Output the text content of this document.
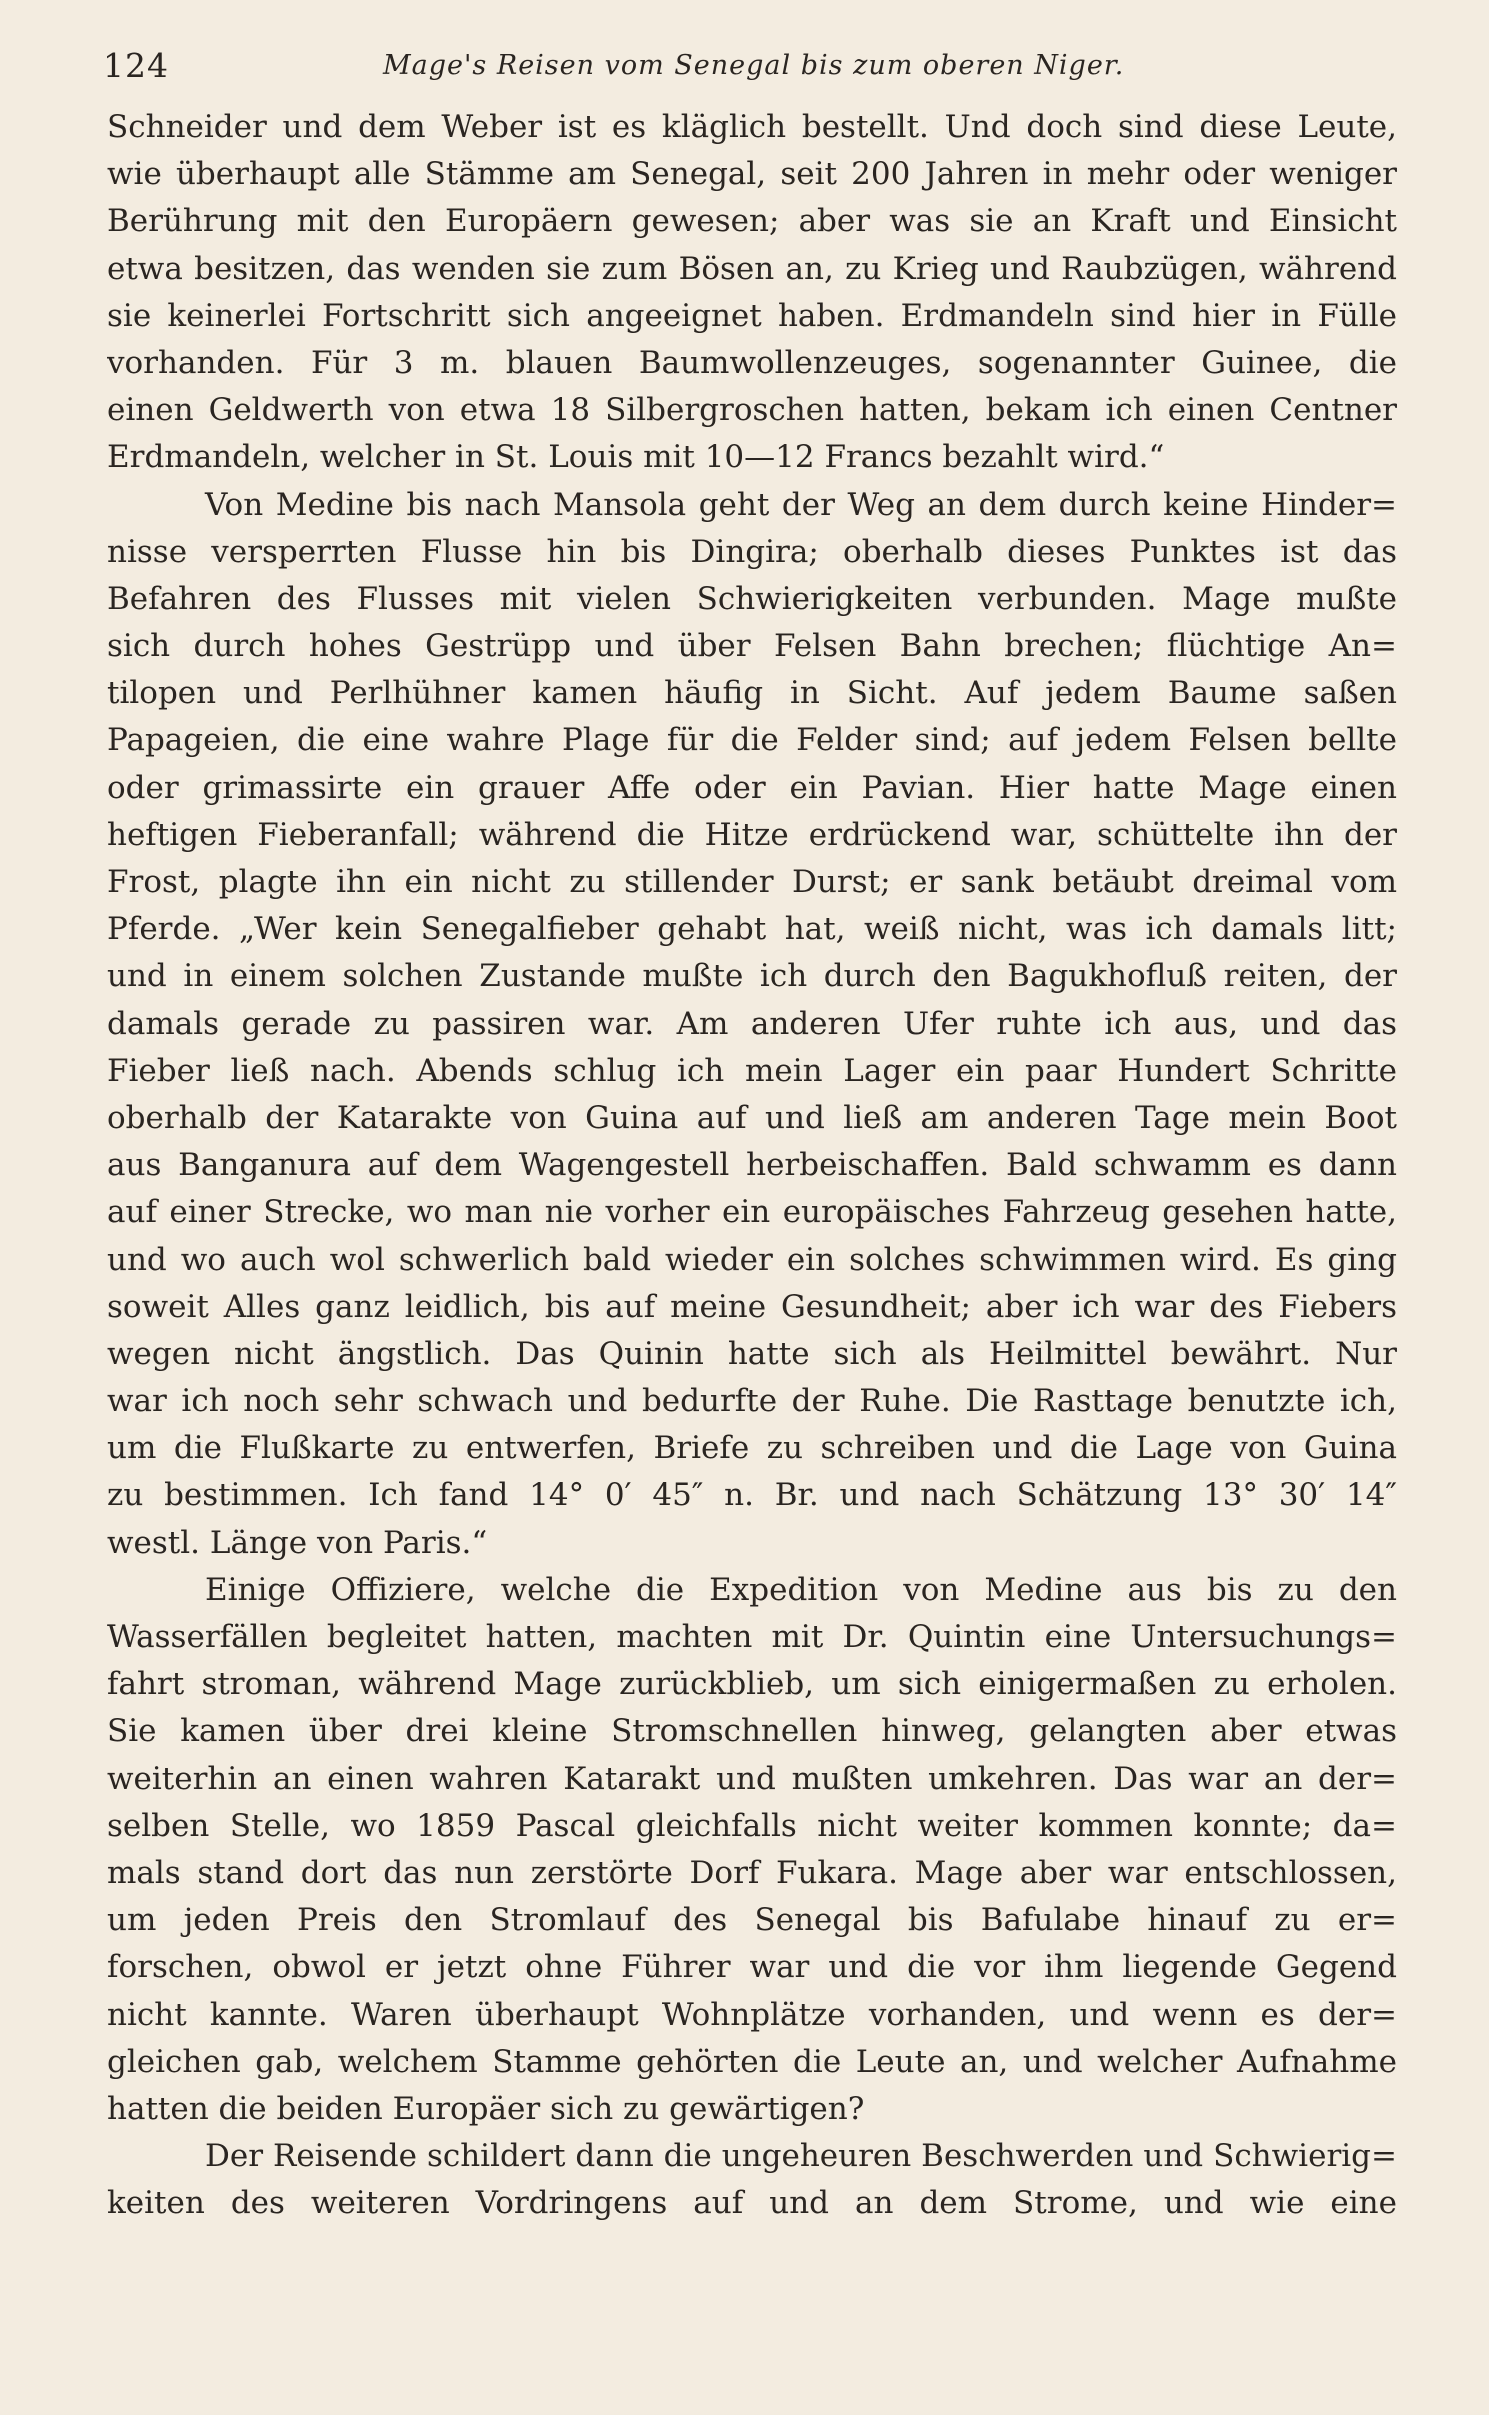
124	Mage's Reisen vom Senegal bis zum oberen Niger.
Schneider und dem Weber ist es kläglich bestellt. Und doch sind diese Leute,
wie überhaupt alle Stämme am Senegal, seit 200 Jahren in mehr oder weniger
Berührung mit den Europäern gewesen; aber was sie an Kraft und Einsicht
etwa besitzen, das wenden sie zum Bösen an, zu Krieg und Raubzügen, während
sie keinerlei Fortschritt sich angeeignet haben. Erdmandeln sind hier in Fülle
vorhanden. Für 3 m. blauen Baumwollenzeuges, sogenannter Guinee, die
einen Geldwerth von etwa 18 Silbergroschen hatten, bekam ich einen Centner
Erdmandeln, welcher in St. Louis mit 10—12 Francs bezahlt wird.“
Von Medine bis nach Mansola geht der Weg an dem durch keine Hinder=
nisse versperrten Flusse hin bis Dingira; oberhalb dieses Punktes ist das
Befahren des Flusses mit vielen Schwierigkeiten verbunden. Mage mußte
sich durch hohes Gestrüpp und über Felsen Bahn brechen; flüchtige An=
tilopen und Perlhühner kamen häufig in Sicht. Auf jedem Baume saßen
Papageien, die eine wahre Plage für die Felder sind; auf jedem Felsen bellte
oder grimassirte ein grauer Affe oder ein Pavian. Hier hatte Mage einen
heftigen Fieberanfall; während die Hitze erdrückend war, schüttelte ihn der
Frost, plagte ihn ein nicht zu stillender Durst; er sank betäubt dreimal vom
Pferde. „Wer kein Senegalfieber gehabt hat, weiß nicht, was ich damals litt;
und in einem solchen Zustande mußte ich durch den Bagukhofluß reiten, der
damals gerade zu passiren war. Am anderen Ufer ruhte ich aus, und das
Fieber ließ nach. Abends schlug ich mein Lager ein paar Hundert Schritte
oberhalb der Katarakte von Guina auf und ließ am anderen Tage mein Boot
aus Banganura auf dem Wagengestell herbeischaffen. Bald schwamm es dann
auf einer Strecke, wo man nie vorher ein europäisches Fahrzeug gesehen hatte,
und wo auch wol schwerlich bald wieder ein solches schwimmen wird. Es ging
soweit Alles ganz leidlich, bis auf meine Gesundheit; aber ich war des Fiebers
wegen nicht ängstlich. Das Quinin hatte sich als Heilmittel bewährt. Nur
war ich noch sehr schwach und bedurfte der Ruhe. Die Rasttage benutzte ich,
um die Flußkarte zu entwerfen, Briefe zu schreiben und die Lage von Guina
zu bestimmen. Ich fand 14° 0′ 45″ n. Br. und nach Schätzung 13° 30′ 14″
westl. Länge von Paris.“
Einige Offiziere, welche die Expedition von Medine aus bis zu den
Wasserfällen begleitet hatten, machten mit Dr. Quintin eine Untersuchungs=
fahrt stroman, während Mage zurückblieb, um sich einigermaßen zu erholen.
Sie kamen über drei kleine Stromschnellen hinweg, gelangten aber etwas
weiterhin an einen wahren Katarakt und mußten umkehren. Das war an der=
selben Stelle, wo 1859 Pascal gleichfalls nicht weiter kommen konnte; da=
mals stand dort das nun zerstörte Dorf Fukara. Mage aber war entschlossen,
um jeden Preis den Stromlauf des Senegal bis Bafulabe hinauf zu er=
forschen, obwol er jetzt ohne Führer war und die vor ihm liegende Gegend
nicht kannte. Waren überhaupt Wohnplätze vorhanden, und wenn es der=
gleichen gab, welchem Stamme gehörten die Leute an, und welcher Aufnahme
hatten die beiden Europäer sich zu gewärtigen?
Der Reisende schildert dann die ungeheuren Beschwerden und Schwierig=
keiten des weiteren Vordringens auf und an dem Strome, und wie eine
